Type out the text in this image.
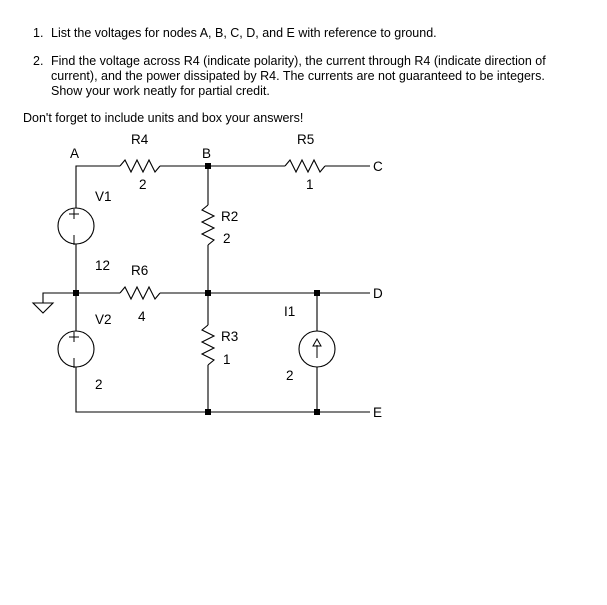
1. List the voltages for nodes A, B, C, D, and E with reference to ground.
2. Find the voltage across R4 (indicate polarity), the current through R4 (indicate direction of
current), and the power dissipated by R4. The currents are not guaranteed to be integers.
Show your work neatly for partial credit.
Don't forget to include units and box your answers!
A	B
C
D
E
R4
2
R5
1
V1
12
R2
2
R6
4
V2
2
R3
1
I1
2
